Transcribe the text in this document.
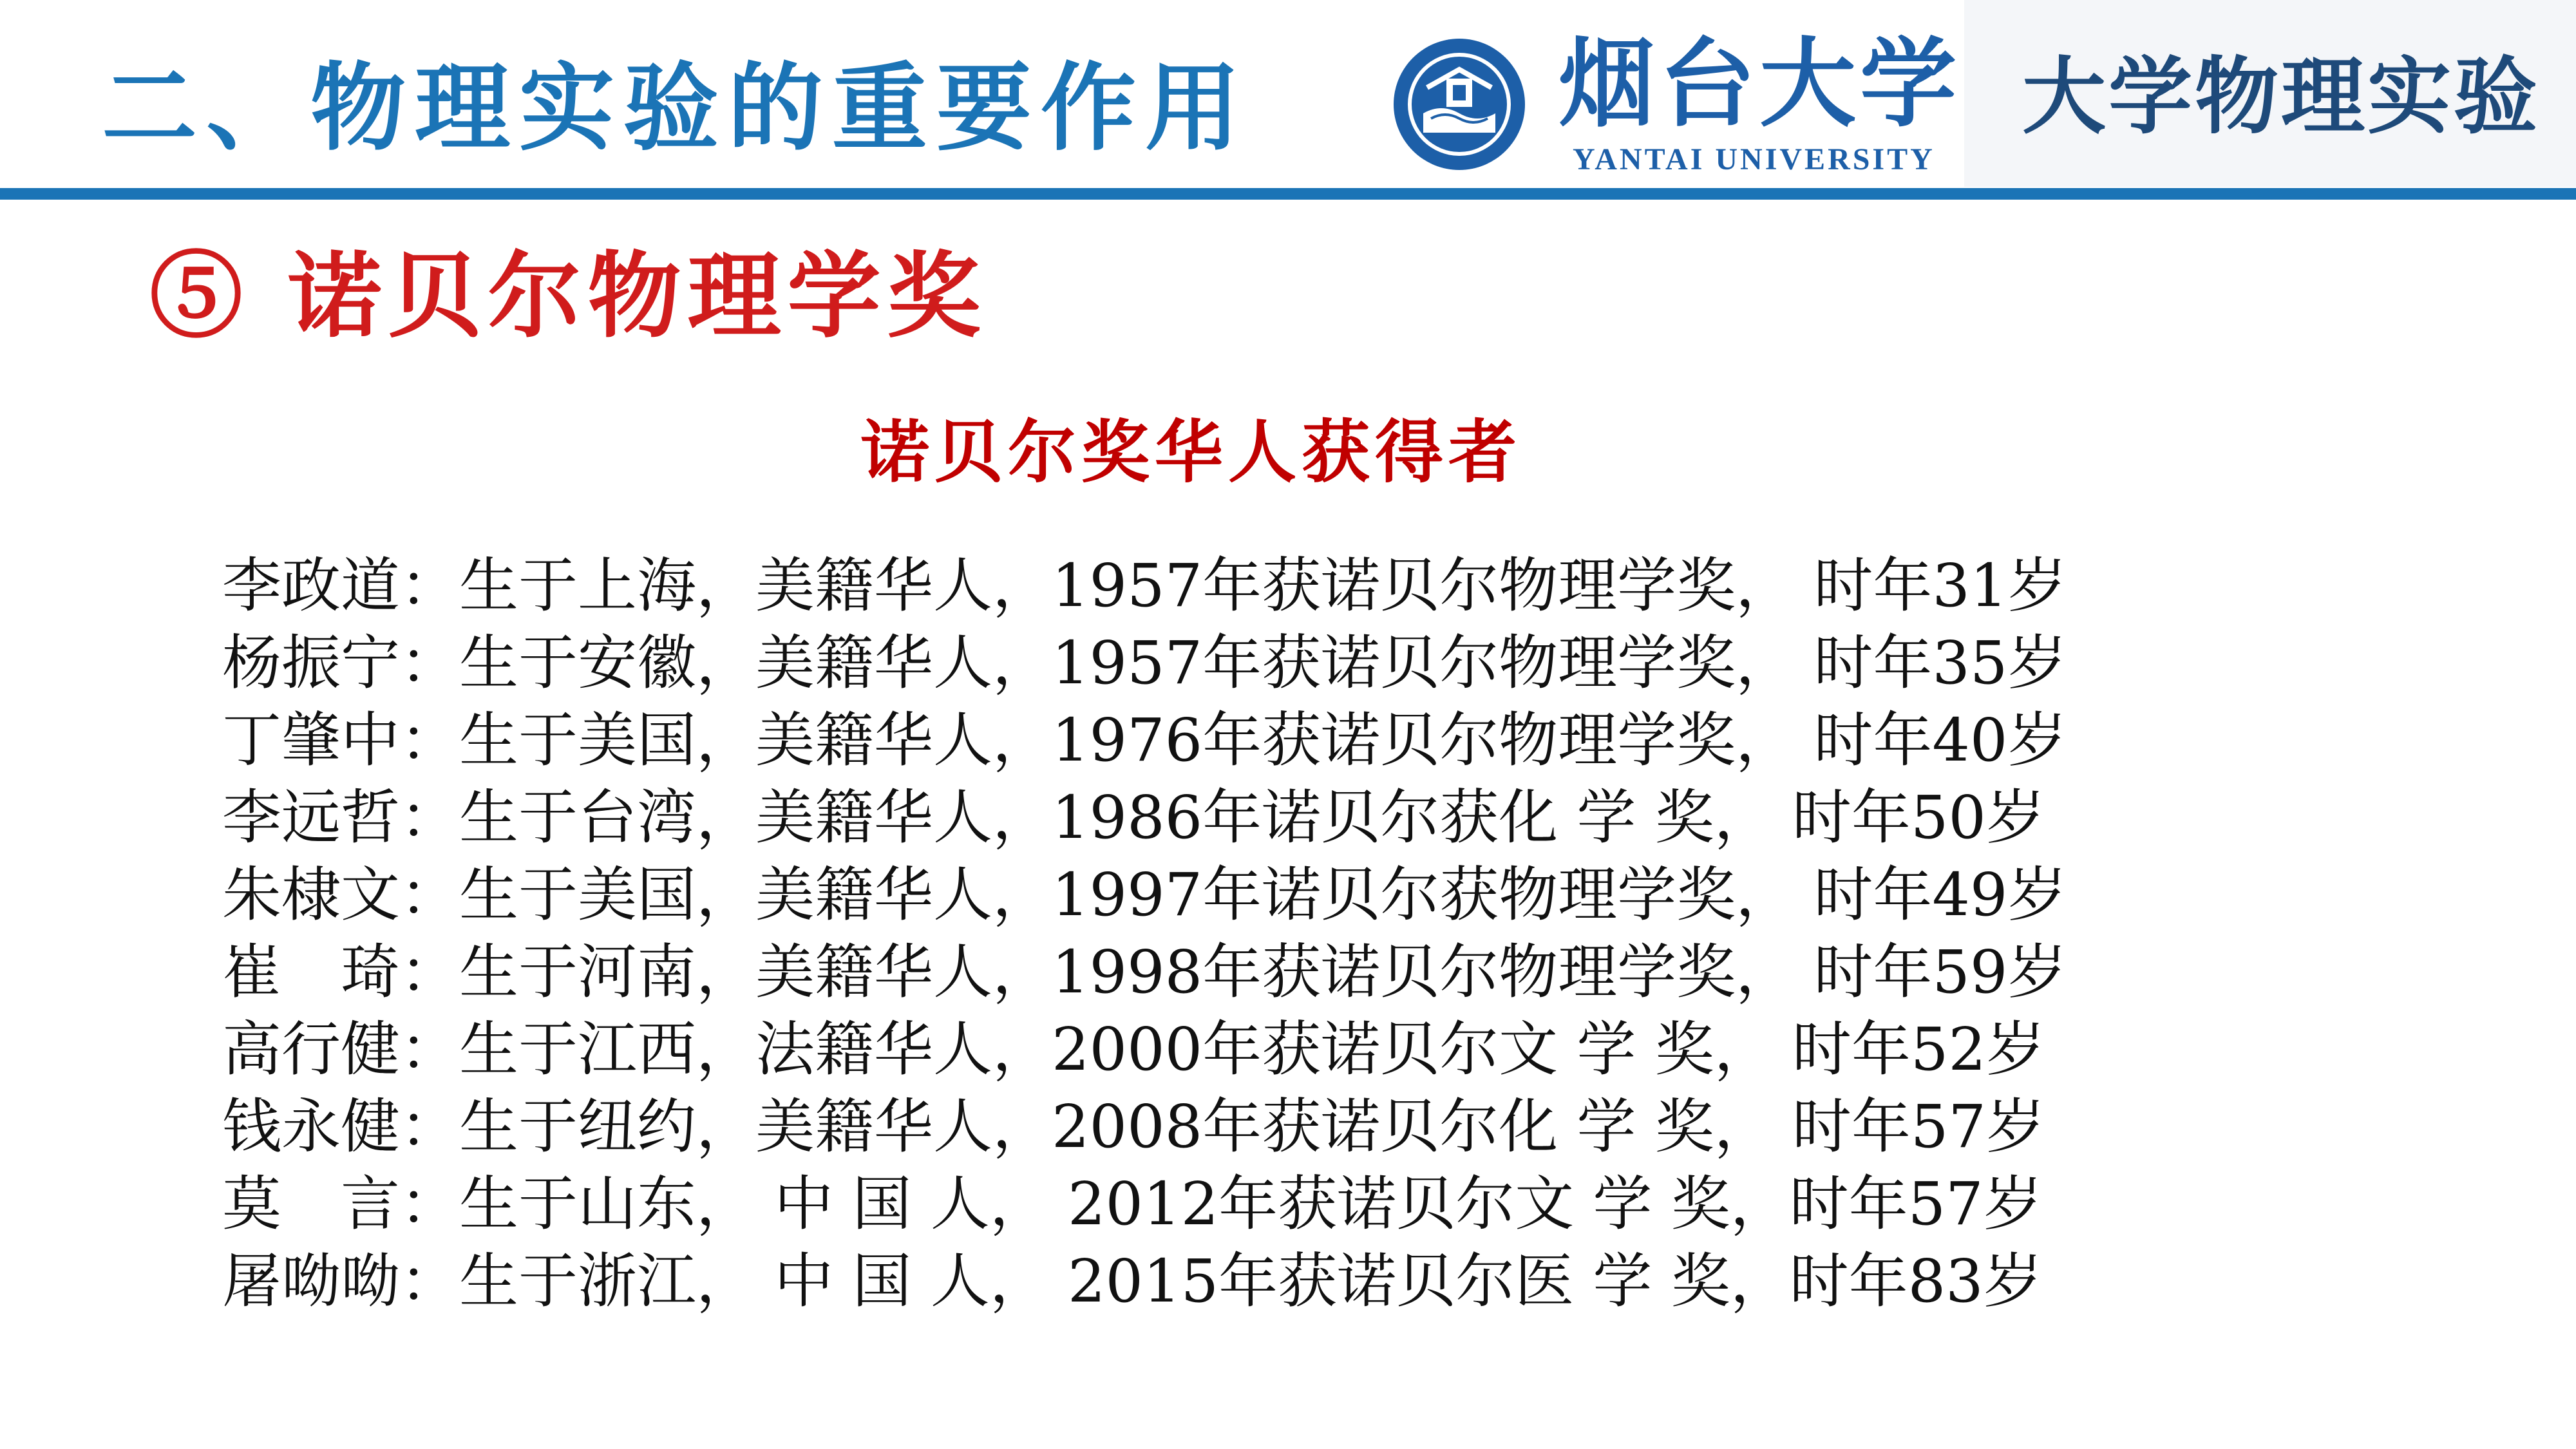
二、物理实验的重要作用	烟台大学
YANTAI UNIVERSITY
大学物理实验
⑤ 诺贝尔物理学奖
诺贝尔奖华人获得者
李政道：生于上海，美籍华人，1957年获诺贝尔物理学奖， 时年31岁
杨振宁：生于安徽，美籍华人，1957年获诺贝尔物理学奖， 时年35岁
丁肇中：生于美国，美籍华人，1976年获诺贝尔物理学奖， 时年40岁
李远哲：生于台湾，美籍华人，1986年诺贝尔获化 学 奖， 时年50岁
朱棣文：生于美国，美籍华人，1997年诺贝尔获物理学奖， 时年49岁
崔　琦：生于河南，美籍华人，1998年获诺贝尔物理学奖， 时年59岁
高行健：生于江西，法籍华人，2000年获诺贝尔文 学 奖， 时年52岁
钱永健：生于纽约，美籍华人，2008年获诺贝尔化 学 奖， 时年57岁
莫　言：生于山东， 中 国 人， 2012年获诺贝尔文 学 奖，时年57岁
屠呦呦：生于浙江， 中 国 人， 2015年获诺贝尔医 学 奖，时年83岁
